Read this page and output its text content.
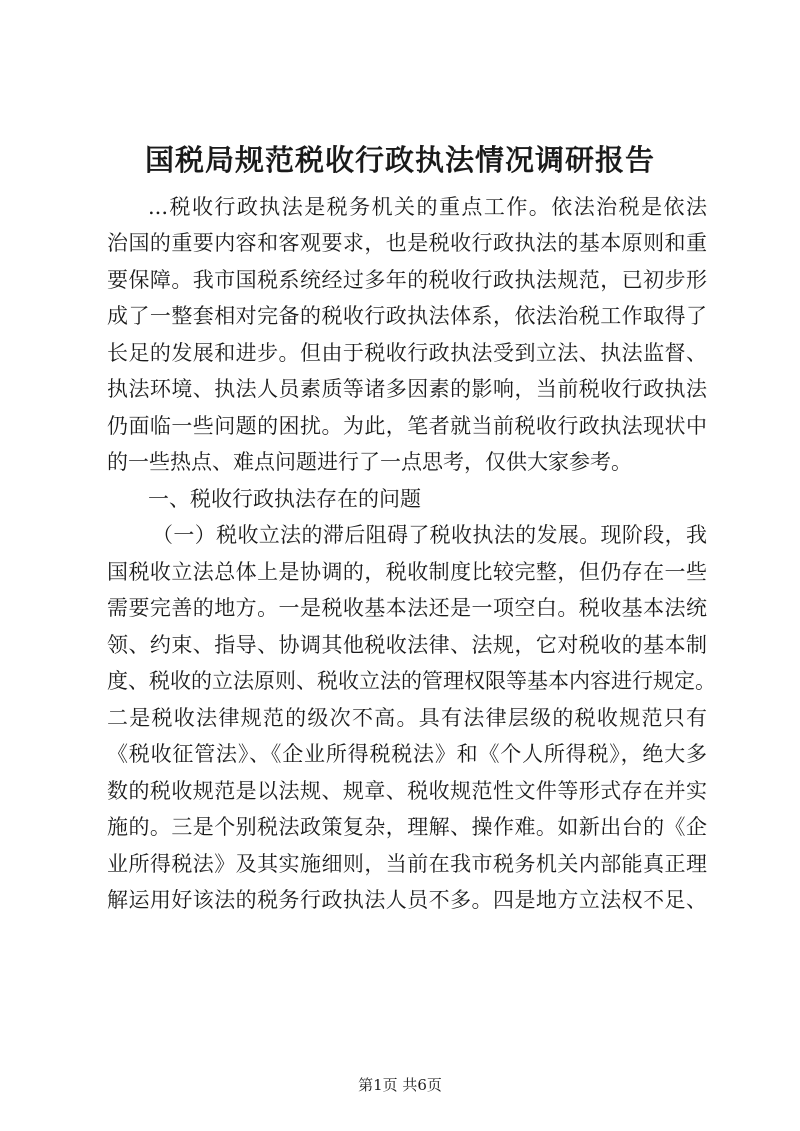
国税局规范税收行政执法情况调研报告
...税收行政执法是税务机关的重点工作。依法治税是依法
治国的重要内容和客观要求，也是税收行政执法的基本原则和重
要保障。我市国税系统经过多年的税收行政执法规范，已初步形
成了一整套相对完备的税收行政执法体系，依法治税工作取得了
长足的发展和进步。但由于税收行政执法受到立法、执法监督、
执法环境、执法人员素质等诸多因素的影响，当前税收行政执法
仍面临一些问题的困扰。为此，笔者就当前税收行政执法现状中
的一些热点、难点问题进行了一点思考，仅供大家参考。
一、税收行政执法存在的问题
（一）税收立法的滞后阻碍了税收执法的发展。现阶段，我
国税收立法总体上是协调的，税收制度比较完整，但仍存在一些
需要完善的地方。一是税收基本法还是一项空白。税收基本法统
领、约束、指导、协调其他税收法律、法规，它对税收的基本制
度、税收的立法原则、税收立法的管理权限等基本内容进行规定。
二是税收法律规范的级次不高。具有法律层级的税收规范只有
《税收征管法》、《企业所得税税法》和《个人所得税》，绝大多
数的税收规范是以法规、规章、税收规范性文件等形式存在并实
施的。三是个别税法政策复杂，理解、操作难。如新出台的《企
业所得税法》及其实施细则，当前在我市税务机关内部能真正理
解运用好该法的税务行政执法人员不多。四是地方立法权不足、
第1页 共6页
